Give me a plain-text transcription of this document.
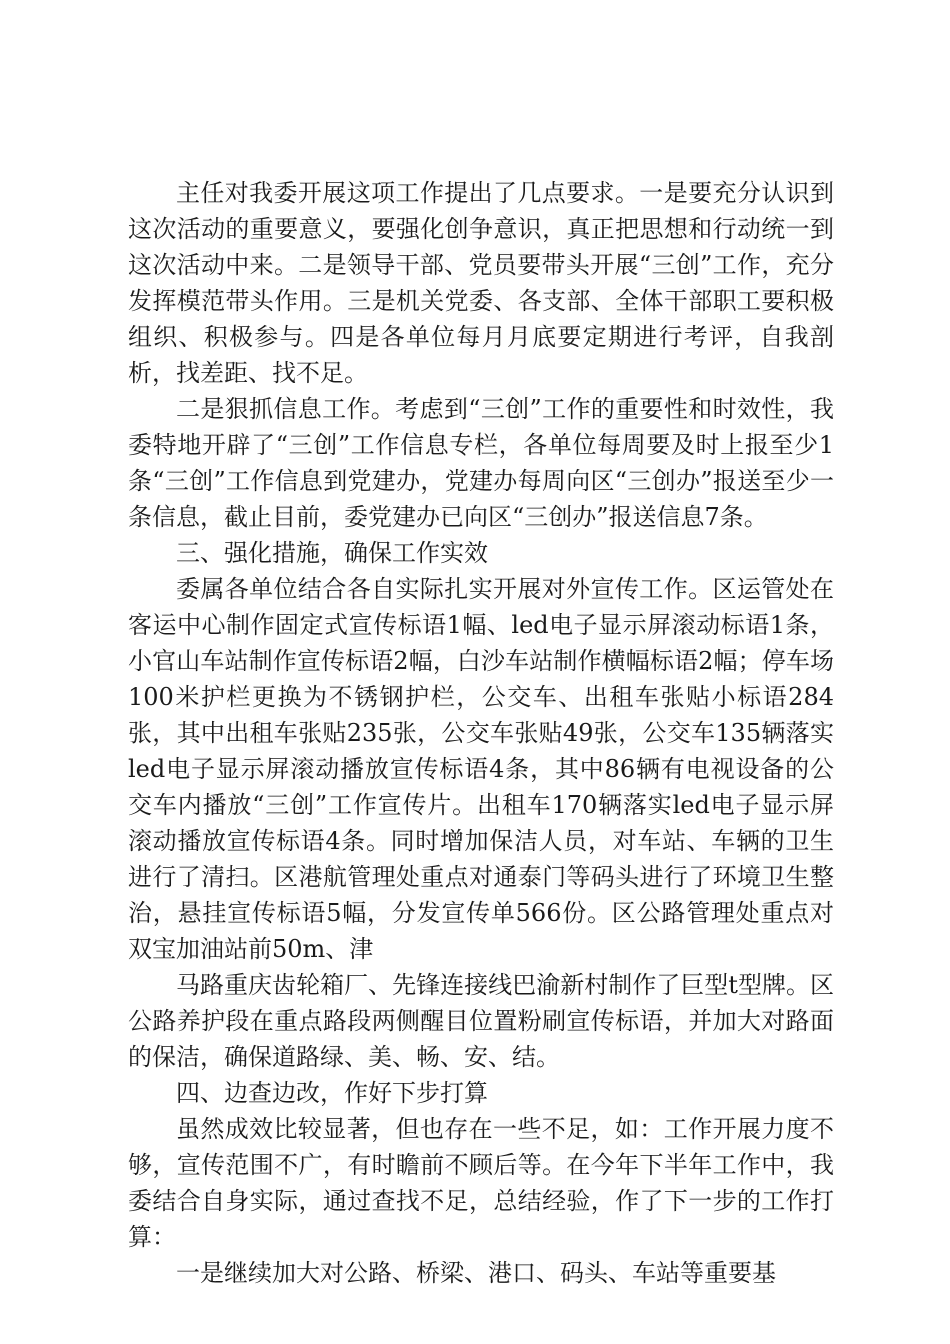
主任对我委开展这项工作提出了几点要求。一是要充分认识到这次活动的重要意义，要强化创争意识，真正把思想和行动统一到这次活动中来。二是领导干部、党员要带头开展“三创”工作，充分发挥模范带头作用。三是机关党委、各支部、全体干部职工要积极组织、积极参与。四是各单位每月月底要定期进行考评，自我剖析，找差距、找不足。

二是狠抓信息工作。考虑到“三创”工作的重要性和时效性，我委特地开辟了“三创”工作信息专栏，各单位每周要及时上报至少1条“三创”工作信息到党建办，党建办每周向区“三创办”报送至少一条信息，截止目前，委党建办已向区“三创办”报送信息7条。

三、强化措施，确保工作实效

委属各单位结合各自实际扎实开展对外宣传工作。区运管处在客运中心制作固定式宣传标语1幅、led电子显示屏滚动标语1条，小官山车站制作宣传标语2幅，白沙车站制作横幅标语2幅；停车场100米护栏更换为不锈钢护栏，公交车、出租车张贴小标语284张，其中出租车张贴235张，公交车张贴49张，公交车135辆落实led电子显示屏滚动播放宣传标语4条，其中86辆有电视设备的公交车内播放“三创”工作宣传片。出租车170辆落实led电子显示屏滚动播放宣传标语4条。同时增加保洁人员，对车站、车辆的卫生进行了清扫。区港航管理处重点对通泰门等码头进行了环境卫生整治，悬挂宣传标语5幅，分发宣传单566份。区公路管理处重点对双宝加油站前50m、津

马路重庆齿轮箱厂、先锋连接线巴渝新村制作了巨型t型牌。区公路养护段在重点路段两侧醒目位置粉刷宣传标语，并加大对路面的保洁，确保道路绿、美、畅、安、结。

四、边查边改，作好下步打算

虽然成效比较显著，但也存在一些不足，如：工作开展力度不够，宣传范围不广，有时瞻前不顾后等。在今年下半年工作中，我委结合自身实际，通过查找不足，总结经验，作了下一步的工作打算：

一是继续加大对公路、桥梁、港口、码头、车站等重要基
